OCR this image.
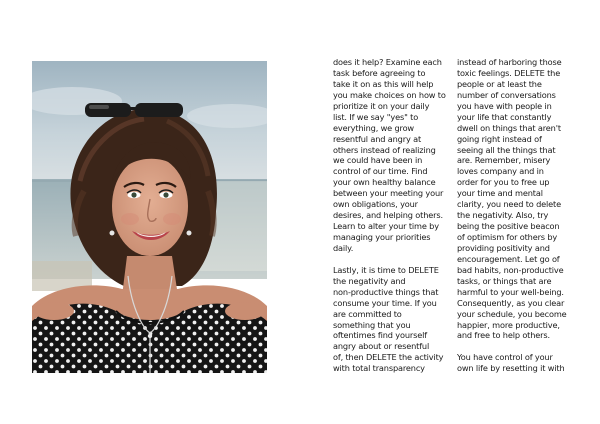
does it help? Examine each
task before agreeing to
take it on as this will help
you make choices on how to
prioritize it on your daily
list. If we say "yes" to
everything, we grow
resentful and angry at
others instead of realizing
we could have been in
control of our time. Find
your own healthy balance
between your meeting your
own obligations, your
desires, and helping others.
Learn to alter your time by
managing your priorities
daily.
Lastly, it is time to DELETE
the negativity and
non-productive things that
consume your time. If you
are committed to
something that you
oftentimes find yourself
angry about or resentful
of, then DELETE the activity
with total transparency
instead of harboring those
toxic feelings. DELETE the
people or at least the
number of conversations
you have with people in
your life that constantly
dwell on things that aren't
going right instead of
seeing all the things that
are. Remember, misery
loves company and in
order for you to free up
your time and mental
clarity, you need to delete
the negativity. Also, try
being the positive beacon
of optimism for others by
providing positivity and
encouragement. Let go of
bad habits, non-productive
tasks, or things that are
harmful to your well-being.
Consequently, as you clear
your schedule, you become
happier, more productive,
and free to help others.
You have control of your
own life by resetting it with
